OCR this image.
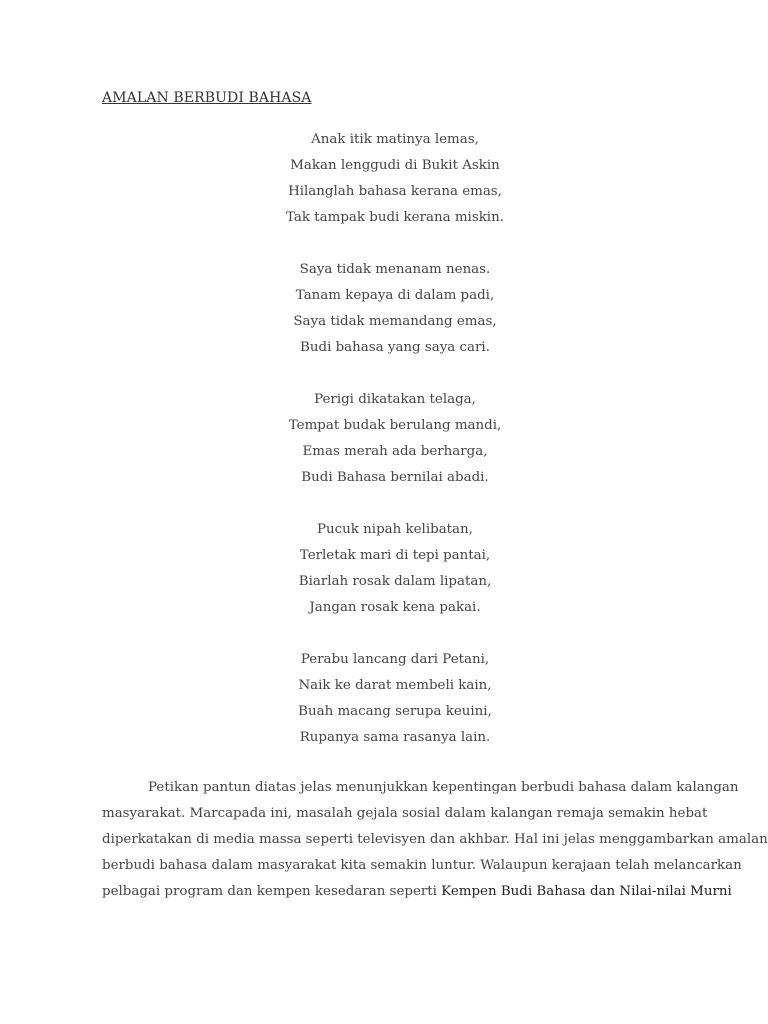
AMALAN BERBUDI BAHASA
Anak itik matinya lemas,
Makan lenggudi di Bukit Askin
Hilanglah bahasa kerana emas,
Tak tampak budi kerana miskin.
Saya tidak menanam nenas.
Tanam kepaya di dalam padi,
Saya tidak memandang emas,
Budi bahasa yang saya cari.
Perigi dikatakan telaga,
Tempat budak berulang mandi,
Emas merah ada berharga,
Budi Bahasa bernilai abadi.
Pucuk nipah kelibatan,
Terletak mari di tepi pantai,
Biarlah rosak dalam lipatan,
Jangan rosak kena pakai.
Perabu lancang dari Petani,
Naik ke darat membeli kain,
Buah macang serupa keuini,
Rupanya sama rasanya lain.
Petikan pantun diatas jelas menunjukkan kepentingan berbudi bahasa dalam kalangan
masyarakat. Marcapada ini, masalah gejala sosial dalam kalangan remaja semakin hebat
diperkatakan di media massa seperti televisyen dan akhbar. Hal ini jelas menggambarkan amalan
berbudi bahasa dalam masyarakat kita semakin luntur. Walaupun kerajaan telah melancarkan
pelbagai program dan kempen kesedaran seperti Kempen Budi Bahasa dan Nilai-nilai Murni
